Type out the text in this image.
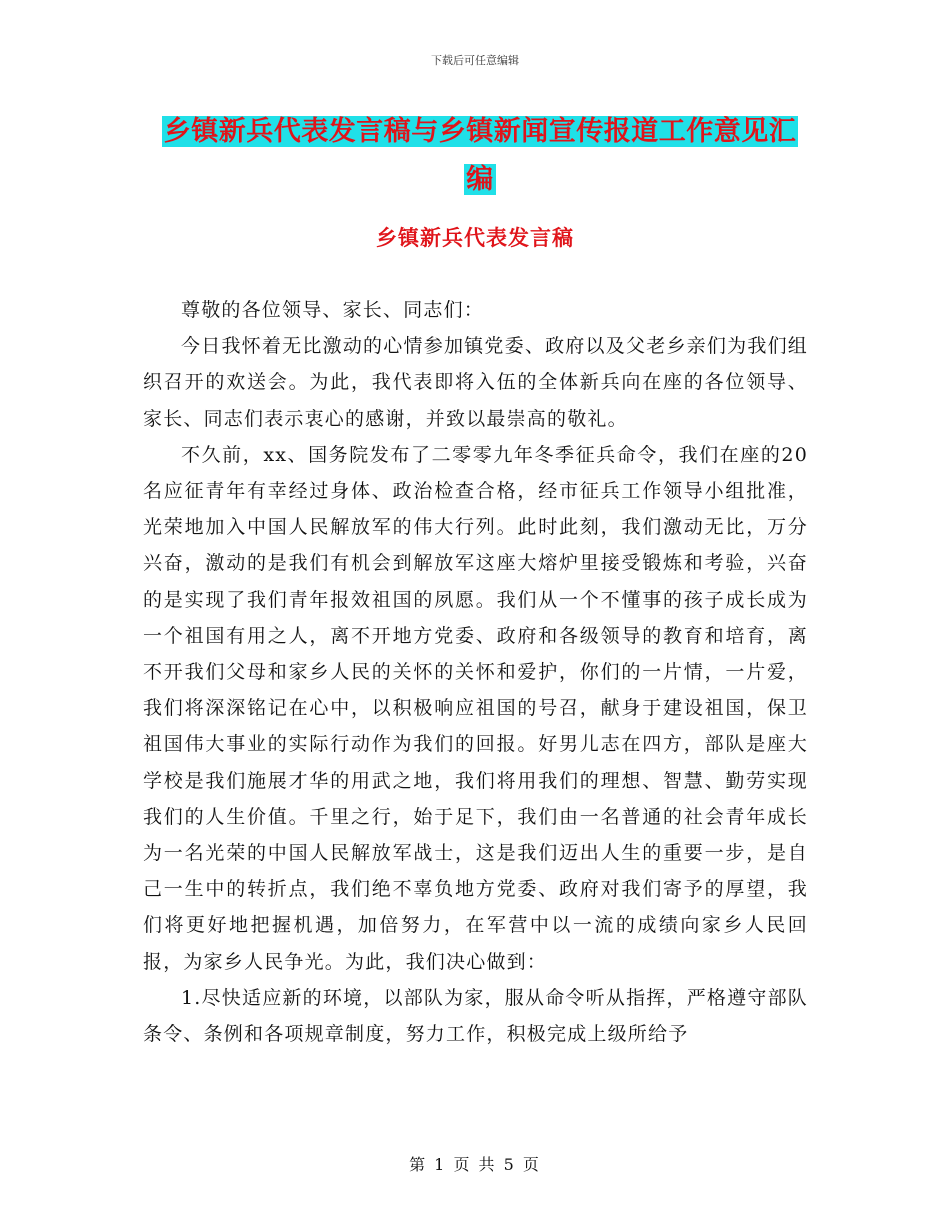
下载后可任意编辑
乡镇新兵代表发言稿与乡镇新闻宣传报道工作意见汇编
乡镇新兵代表发言稿

尊敬的各位领导、家长、同志们：

今日我怀着无比激动的心情参加镇党委、政府以及父老乡亲们为我们组织召开的欢送会。为此，我代表即将入伍的全体新兵向在座的各位领导、家长、同志们表示衷心的感谢，并致以最崇高的敬礼。

不久前，xx、国务院发布了二零零九年冬季征兵命令，我们在座的20名应征青年有幸经过身体、政治检查合格，经市征兵工作领导小组批准，光荣地加入中国人民解放军的伟大行列。此时此刻，我们激动无比，万分兴奋，激动的是我们有机会到解放军这座大熔炉里接受锻炼和考验，兴奋的是实现了我们青年报效祖国的夙愿。我们从一个不懂事的孩子成长成为一个祖国有用之人，离不开地方党委、政府和各级领导的教育和培育，离不开我们父母和家乡人民的关怀的关怀和爱护，你们的一片情，一片爱，我们将深深铭记在心中，以积极响应祖国的号召，献身于建设祖国，保卫祖国伟大事业的实际行动作为我们的回报。好男儿志在四方，部队是座大学校是我们施展才华的用武之地，我们将用我们的理想、智慧、勤劳实现我们的人生价值。千里之行，始于足下，我们由一名普通的社会青年成长为一名光荣的中国人民解放军战士，这是我们迈出人生的重要一步，是自己一生中的转折点，我们绝不辜负地方党委、政府对我们寄予的厚望，我们将更好地把握机遇，加倍努力，在军营中以一流的成绩向家乡人民回报，为家乡人民争光。为此，我们决心做到：

1.尽快适应新的环境，以部队为家，服从命令听从指挥，严格遵守部队条令、条例和各项规章制度，努力工作，积极完成上级所给予

第 1 页 共 5 页
